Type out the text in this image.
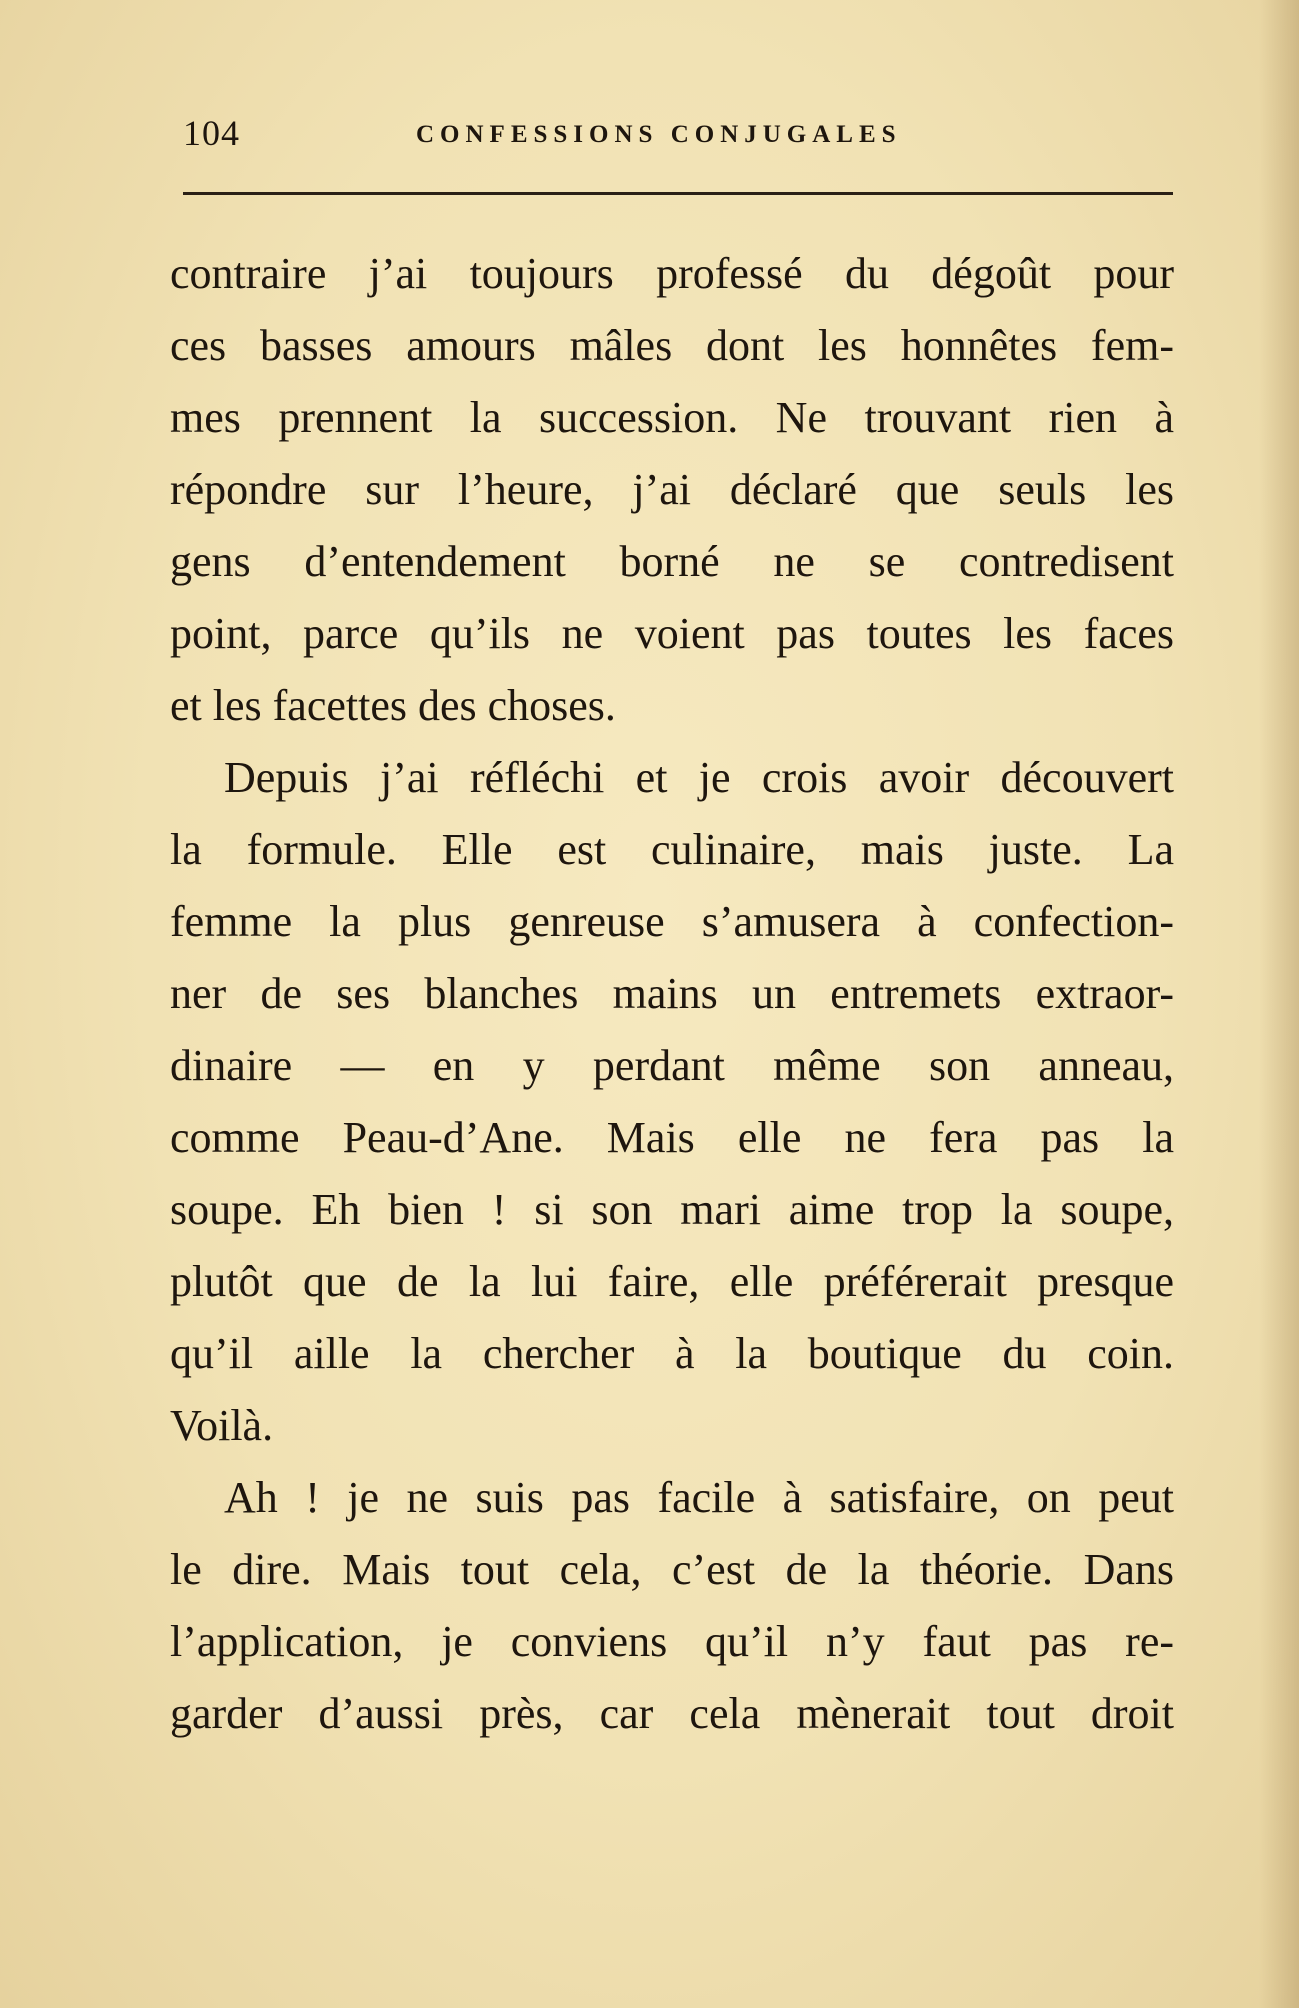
104	CONFESSIONS CONJUGALES
contraire j’ai toujours professé du dégoût pour
ces basses amours mâles dont les honnêtes fem-
mes prennent la succession. Ne trouvant rien à
répondre sur l’heure, j’ai déclaré que seuls les
gens d’entendement borné ne se contredisent
point, parce qu’ils ne voient pas toutes les faces
et les facettes des choses.
Depuis j’ai réfléchi et je crois avoir découvert
la formule. Elle est culinaire, mais juste. La
femme la plus genreuse s’amusera à confection-
ner de ses blanches mains un entremets extraor-
dinaire — en y perdant même son anneau,
comme Peau-d’Ane. Mais elle ne fera pas la
soupe. Eh bien ! si son mari aime trop la soupe,
plutôt que de la lui faire, elle préférerait presque
qu’il aille la chercher à la boutique du coin.
Voilà.
Ah ! je ne suis pas facile à satisfaire, on peut
le dire. Mais tout cela, c’est de la théorie. Dans
l’application, je conviens qu’il n’y faut pas re-
garder d’aussi près, car cela mènerait tout droit
